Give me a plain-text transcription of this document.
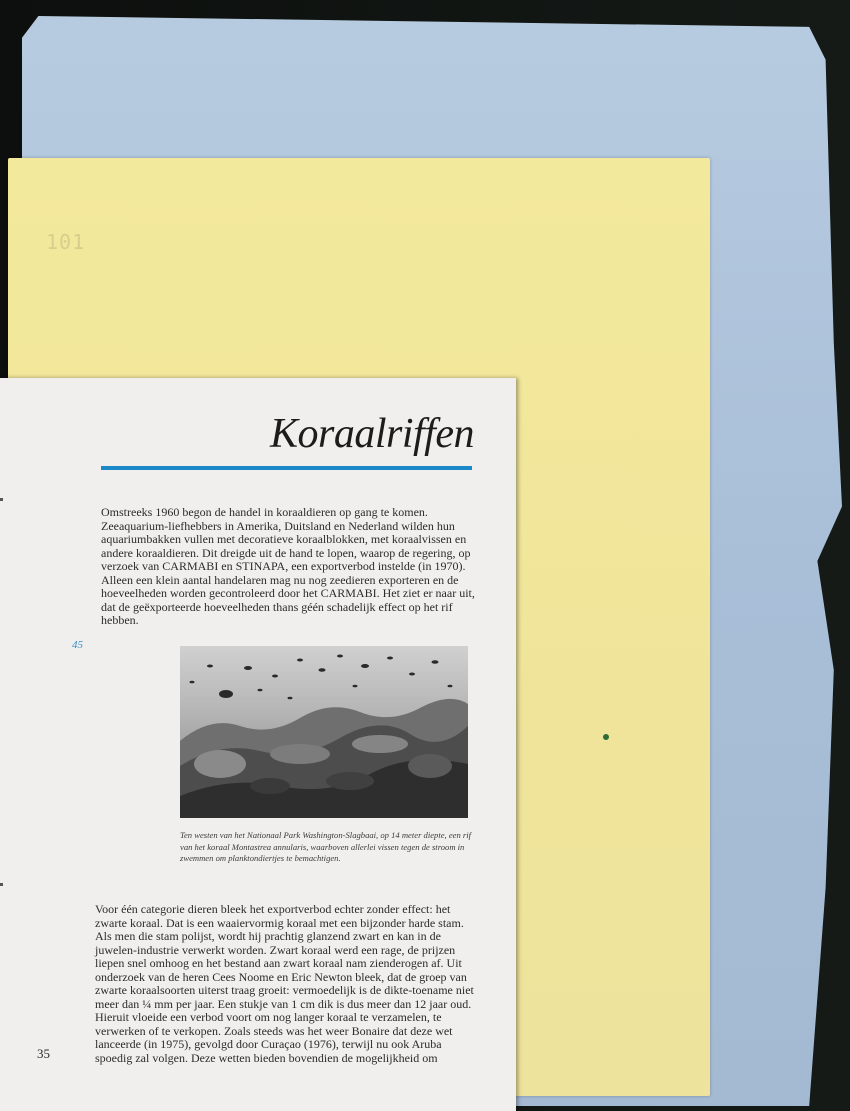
101
Koraalriffen

Omstreeks 1960 begon de handel in koraaldieren op gang te komen. Zeeaquarium-liefhebbers in Amerika, Duitsland en Nederland wilden hun aquariumbakken vullen met decoratieve koraalblokken, met koraalvissen en andere koraaldieren. Dit dreigde uit de hand te lopen, waarop de regering, op verzoek van CARMABI en STINAPA, een exportverbod instelde (in 1970). Alleen een klein aantal handelaren mag nu nog zeedieren exporteren en de hoeveelheden worden gecontroleerd door het CARMABI. Het ziet er naar uit, dat de geëxporteerde hoeveelheden thans géén schadelijk effect op het rif hebben.

45

Ten westen van het Nationaal Park Washington-Slagbaai, op 14 meter diepte, een rif van het koraal Montastrea annularis, waarboven allerlei vissen tegen de stroom in zwemmen om planktondiertjes te bemachtigen.

Voor één categorie dieren bleek het exportverbod echter zonder effect: het zwarte koraal. Dat is een waaiervormig koraal met een bijzonder harde stam. Als men die stam polijst, wordt hij prachtig glanzend zwart en kan in de juwelen-industrie verwerkt worden. Zwart koraal werd een rage, de prijzen liepen snel omhoog en het bestand aan zwart koraal nam zienderogen af. Uit onderzoek van de heren Cees Noome en Eric Newton bleek, dat de groep van zwarte koraalsoorten uiterst traag groeit: vermoedelijk is de dikte-toename niet meer dan ¼ mm per jaar. Een stukje van 1 cm dik is dus meer dan 12 jaar oud. Hieruit vloeide een verbod voort om nog langer koraal te verzamelen, te verwerken of te verkopen. Zoals steeds was het weer Bonaire dat deze wet lanceerde (in 1975), gevolgd door Curaçao (1976), terwijl nu ook Aruba spoedig zal volgen. Deze wetten bieden bovendien de mogelijkheid om

35
